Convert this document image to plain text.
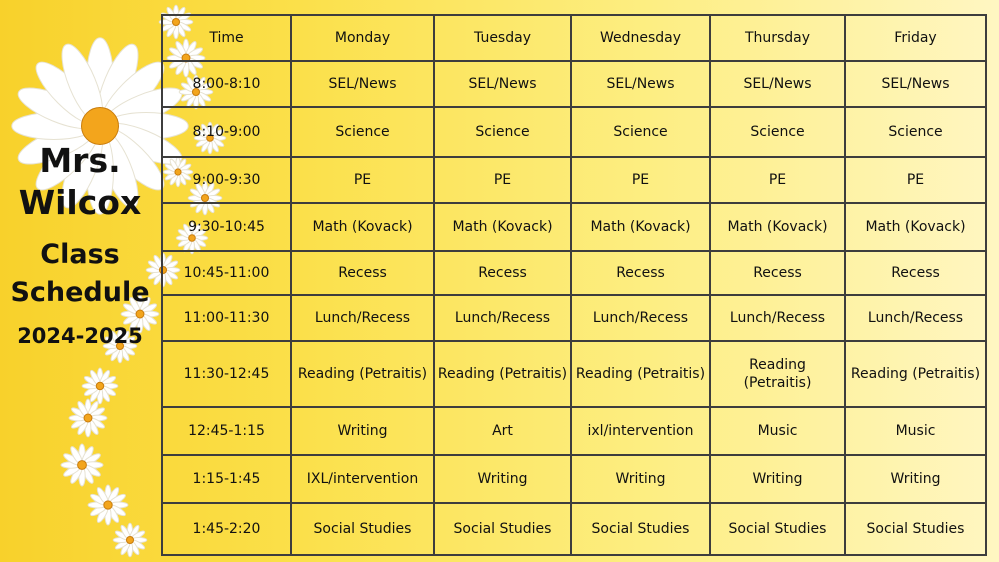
Mrs.
Wilcox
Class
Schedule
2024-2025
Time	Monday	Tuesday	Wednesday	Thursday	Friday
8:00-8:10	SEL/News	SEL/News	SEL/News	SEL/News	SEL/News
8:10-9:00	Science	Science	Science	Science	Science
9:00-9:30	PE	PE	PE	PE	PE
9:30-10:45	Math (Kovack)	Math (Kovack)	Math (Kovack)	Math (Kovack)	Math (Kovack)
10:45-11:00	Recess	Recess	Recess	Recess	Recess
11:00-11:30	Lunch/Recess	Lunch/Recess	Lunch/Recess	Lunch/Recess	Lunch/Recess
11:30-12:45	Reading (Petraitis)	Reading (Petraitis)	Reading (Petraitis)	Reading (Petraitis)	Reading (Petraitis)
12:45-1:15	Writing	Art	ixl/intervention	Music	Music
1:15-1:45	IXL/intervention	Writing	Writing	Writing	Writing
1:45-2:20	Social Studies	Social Studies	Social Studies	Social Studies	Social Studies
